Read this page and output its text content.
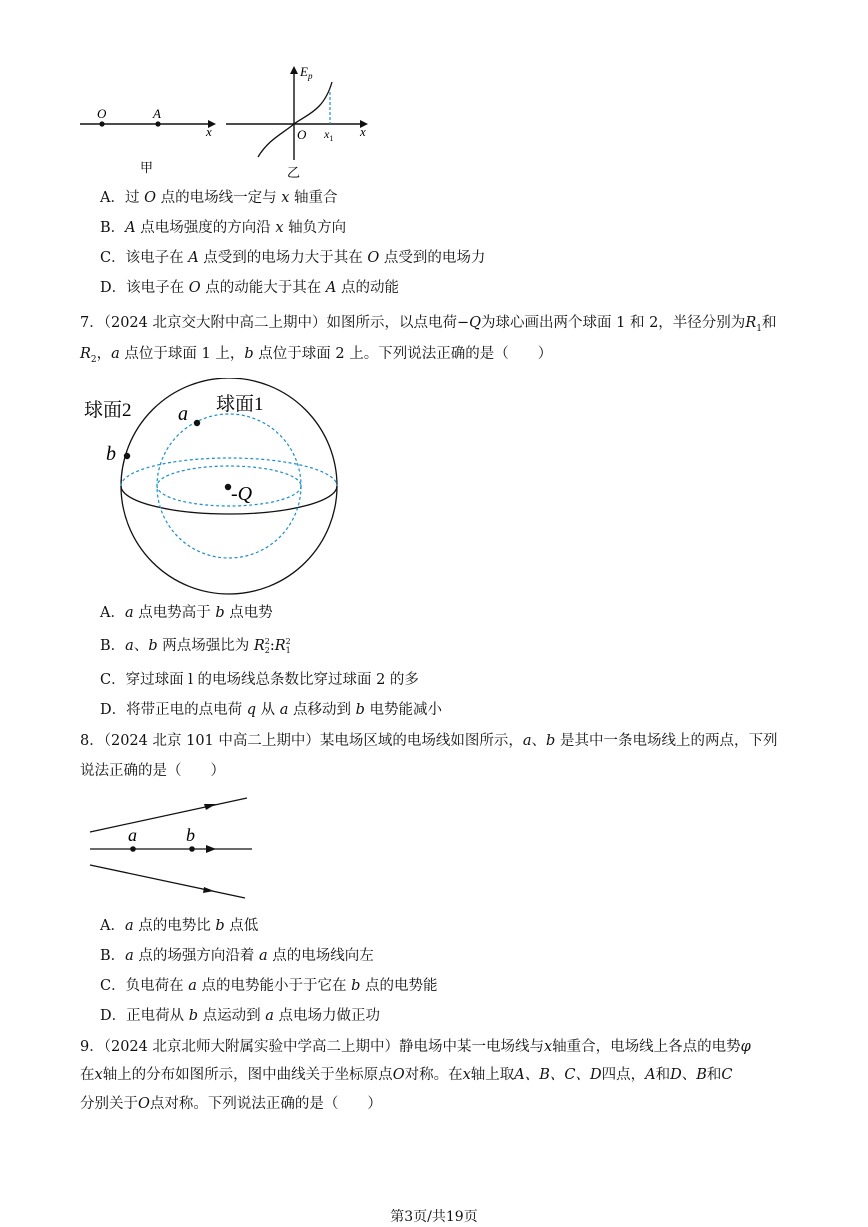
O	A
x
甲
$E_p$
O $x_1$ x
乙
A．过 O 点的电场线一定与 x 轴重合
B．A 点电场强度的方向沿 x 轴负方向
C．该电子在 A 点受到的电场力大于其在 O 点受到的电场力
D．该电子在 O 点的动能大于其在 A 点的动能
7．（2024 北京交大附中高二上期中）如图所示，以点电荷−Q为球心画出两个球面 1 和 2，半径分别为$R_1$和
$R_2$，a 点位于球面 1 上，b 点位于球面 2 上。下列说法正确的是（　　）
球面2	球面1
a
b
-Q
A．a 点电势高于 b 点电势
B．a、b 两点场强比为 R2
2:R2
1
C．穿过球面 l 的电场线总条数比穿过球面 2 的多
D．将带正电的点电荷 q 从 a 点移动到 b 电势能减小
8．（2024 北京 101 中高二上期中）某电场区域的电场线如图所示，a、b 是其中一条电场线上的两点，下列
说法正确的是（　　）
a	b
A．a 点的电势比 b 点低
B．a 点的场强方向沿着 a 点的电场线向左
C．负电荷在 a 点的电势能小于于它在 b 点的电势能
D．正电荷从 b 点运动到 a 点电场力做正功
9．（2024 北京北师大附属实验中学高二上期中）静电场中某一电场线与x轴重合，电场线上各点的电势φ
在x轴上的分布如图所示，图中曲线关于坐标原点O对称。在x轴上取A、B、C、D四点，A和D、B和C
分别关于O点对称。下列说法正确的是（　　）
第3页/共19页
